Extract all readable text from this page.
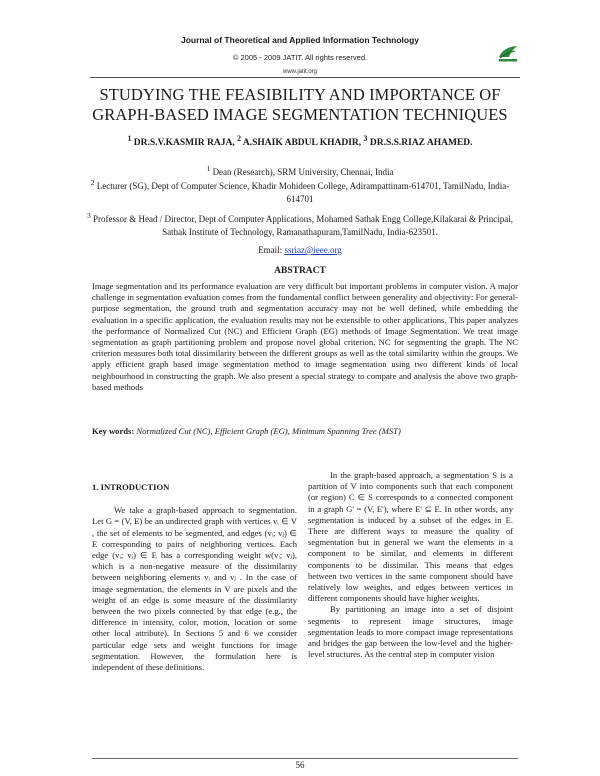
Journal of Theoretical and Applied Information Technology
© 2005 - 2009 JATIT. All rights reserved.
www.jatit.org
STUDYING THE FEASIBILITY AND IMPORTANCE OF
GRAPH-BASED IMAGE SEGMENTATION TECHNIQUES
$^1$ DR.S.V.KASMIR RAJA, $^2$ A.SHAIK ABDUL KHADIR, $^3$ DR.S.S.RIAZ AHAMED.
$^1$ Dean (Research), SRM University, Chennai, India
$^2$ Lecturer (SG), Dept of Computer Science, Khadir Mohideen College, Adirampattinam-614701, TamilNadu, India-614701
$^3$ Professor & Head / Director, Dept of Computer Applications, Mohamed Sathak Engg College,Kilakarai & Principal, Sathak Institute of Technology, Ramanathapuram,TamilNadu, India-623501.
Email: ssriaz@ieee.org
ABSTRACT
Image segmentation and its performance evaluation are very difficult but important problems in computer vision. A major challenge in segmentation evaluation comes from the fundamental conflict between generality and objectivity: For general-purpose segmentation, the ground truth and segmentation accuracy may not be well defined, while embedding the evaluation in a specific application, the evaluation results may not be extensible to other applications. This paper analyzes the performance of Normalized Cut (NC) and Efficient Graph (EG) methods of Image Segmentation. We treat image segmentation as graph partitioning problem and propose novel global criterion, NC for segmenting the graph. The NC criterion measures both total dissimilarity between the different groups as well as the total similarity within the groups. We apply efficient graph based image segmentation method to image segmentation using two different kinds of local neighbourhood in constructing the graph. We also present a special strategy to compare and analysis the above two graph-based methods
Key words: Normalized Cut (NC), Efficient Graph (EG), Minimum Spanning Tree (MST)
1. INTRODUCTION

We take a graph-based approach to segmentation. Let G = (V, E) be an undirected graph with vertices vᵢ ∈ V , the set of elements to be segmented, and edges (vᵢ; vⱼ) ∈ E corresponding to pairs of neighboring vertices. Each edge (vᵢ; vⱼ) ∈ E has a corresponding weight w(vᵢ; vⱼ), which is a non-negative measure of the dissimilarity between neighboring elements vᵢ and vⱼ . In the case of image segmentation, the elements in V are pixels and the weight of an edge is some measure of the dissimilarity between the two pixels connected by that edge (e.g., the difference in intensity, color, motion, location or some other local attribute). In Sections 5 and 6 we consider particular edge sets and weight functions for image segmentation. However, the formulation here is independent of these definitions.

In the graph-based approach, a segmentation S is a partition of V into components such that each component (or region) C ∈ S corresponds to a connected component in a graph G' = (V, E'), where E' ⊆ E. In other words, any segmentation is induced by a subset of the edges in E. There are different ways to measure the quality of segmentation but in general we want the elements in a component to be similar, and elements in different components to be dissimilar. This means that edges between two vertices in the same component should have relatively low weights, and edges between vertices in different components should have higher weights.

By partitioning an image into a set of disjoint segments to represent image structures, image segmentation leads to more compact image representations and bridges the gap between the low-level and the higher-level structures. As the central step in computer vision

56
